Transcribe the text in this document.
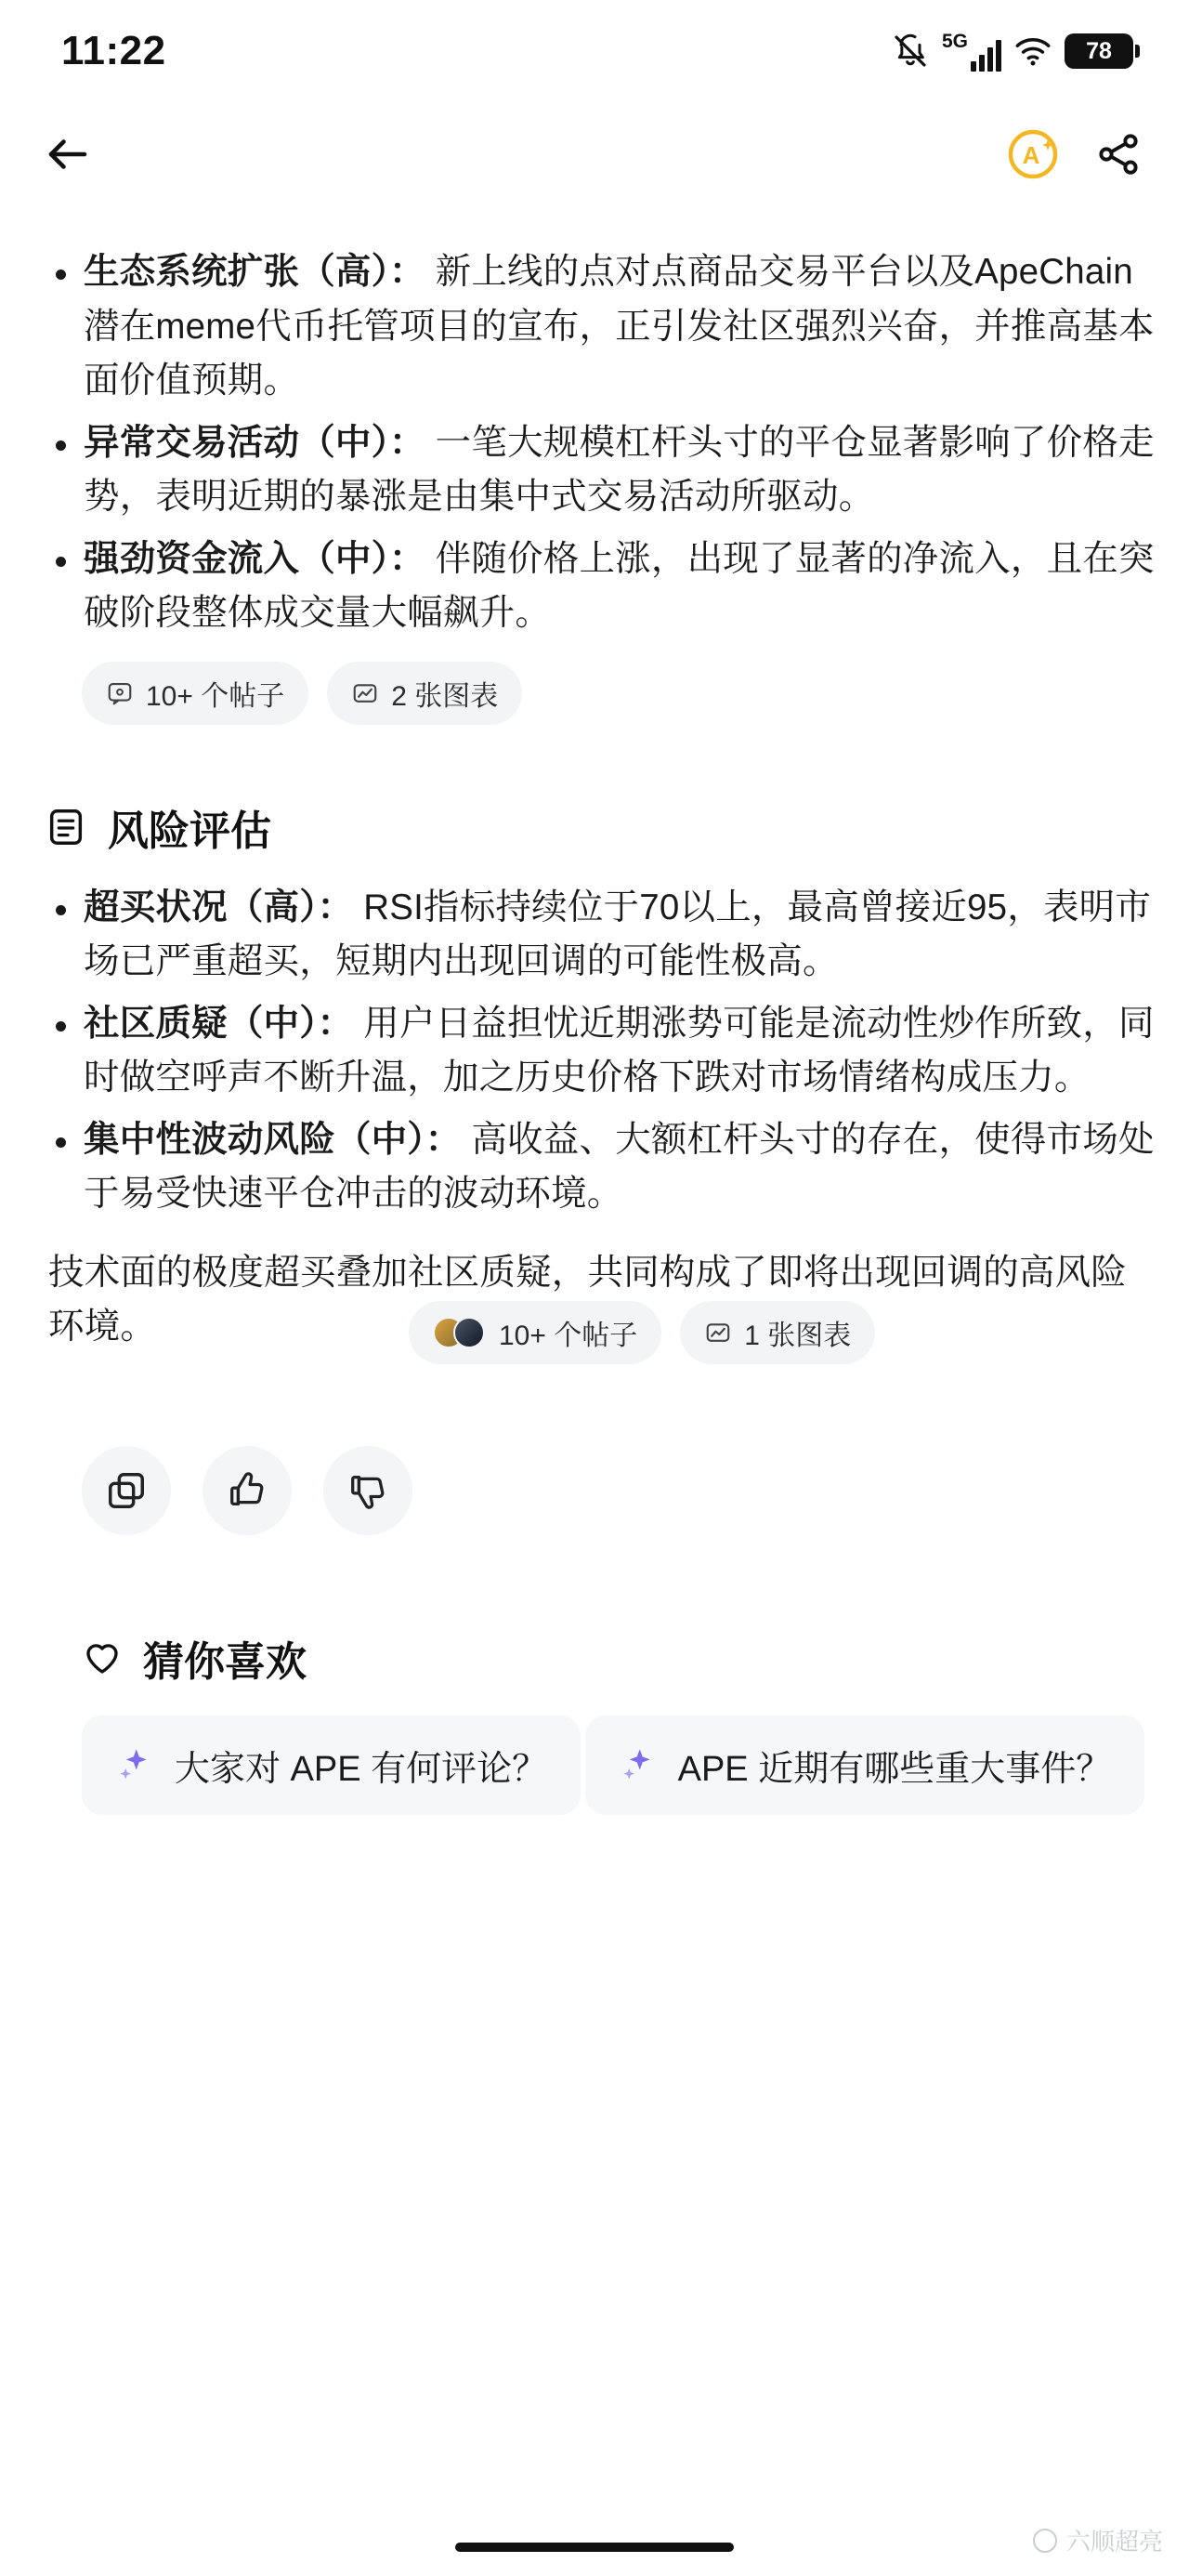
11:22	5G	78
A
生态系统扩张（高）： 新上线的点对点商品交易平台以及ApeChain潜在meme代币托管项目的宣布，正引发社区强烈兴奋，并推高基本面价值预期。
异常交易活动（中）： 一笔大规模杠杆头寸的平仓显著影响了价格走势，表明近期的暴涨是由集中式交易活动所驱动。
强劲资金流入（中）： 伴随价格上涨，出现了显著的净流入，且在突破阶段整体成交量大幅飙升。
10+ 个帖子	2 张图表
风险评估
超买状况（高）： RSI指标持续位于70以上，最高曾接近95，表明市场已严重超买，短期内出现回调的可能性极高。
社区质疑（中）： 用户日益担忧近期涨势可能是流动性炒作所致，同时做空呼声不断升温，加之历史价格下跌对市场情绪构成压力。
集中性波动风险（中）： 高收益、大额杠杆头寸的存在，使得市场处于易受快速平仓冲击的波动环境。
技术面的极度超买叠加社区质疑，共同构成了即将出现回调的高风险环境。	10+ 个帖子	1 张图表
猜你喜欢
大家对 APE 有何评论？
	APE 近期有哪些重大事件？
六顺超亮
